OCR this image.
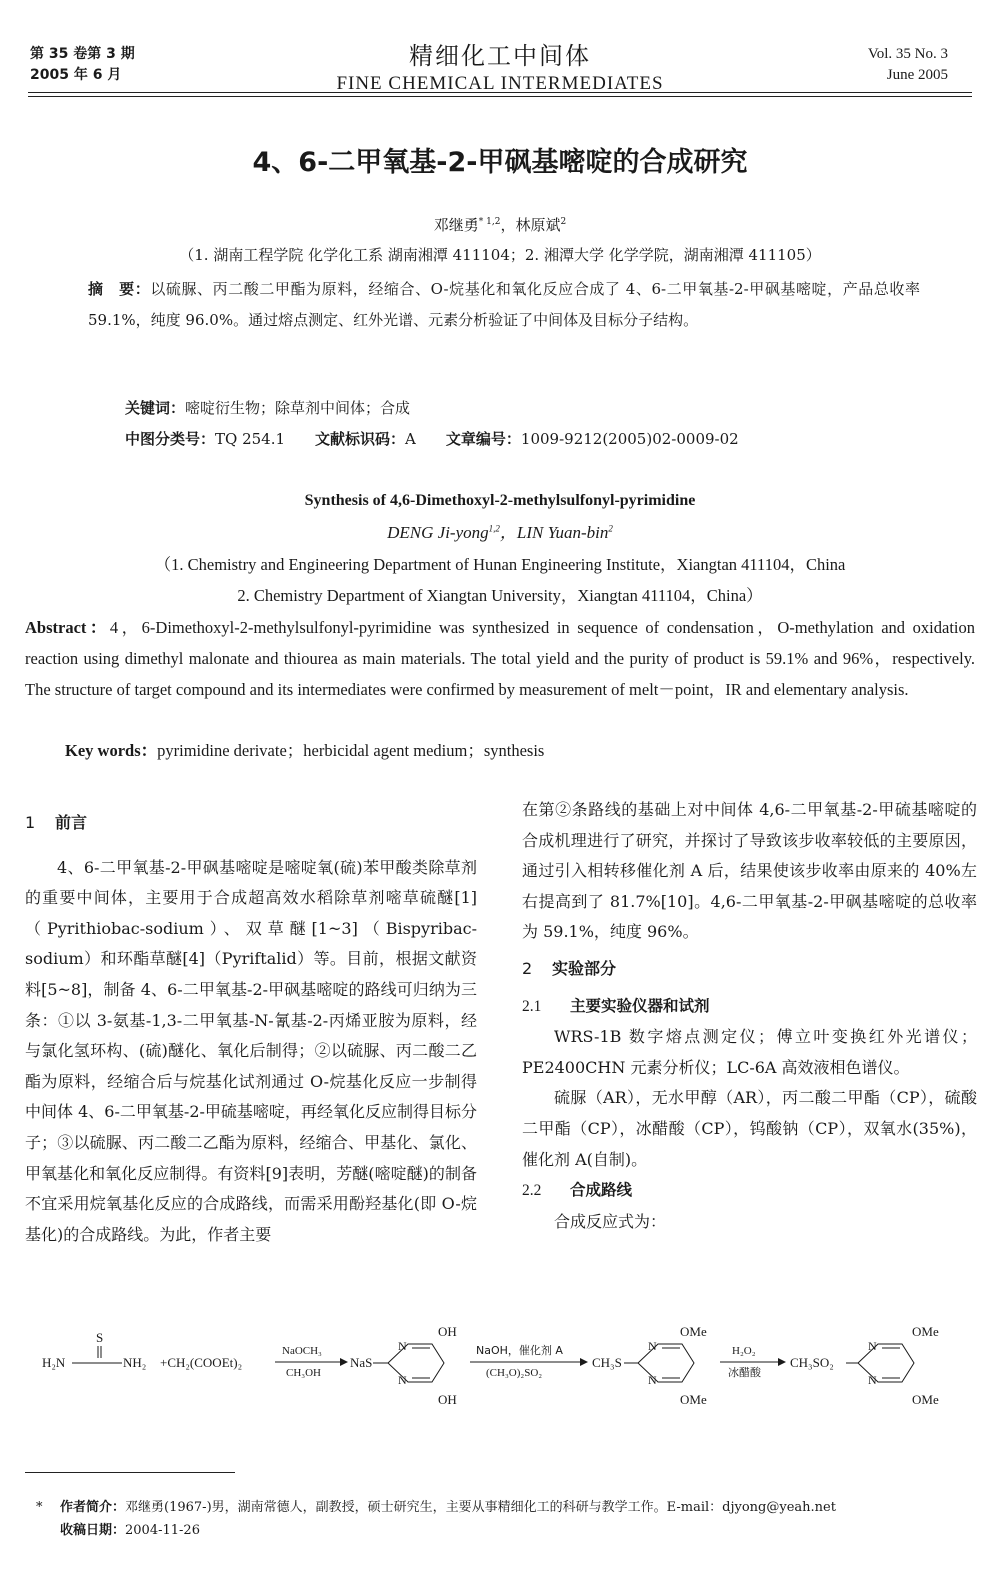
第 35 卷第 3 期
2005 年 6 月
精细化工中间体
FINE CHEMICAL INTERMEDIATES
Vol. 35 No. 3
June 2005
4、6-二甲氧基-2-甲砜基嘧啶的合成研究
邓继勇$^{* 1,2}$，林原斌$^2$
（1. 湖南工程学院 化学化工系 湖南湘潭 411104；2. 湘潭大学 化学学院，湖南湘潭 411105）
摘　要：以硫脲、丙二酸二甲酯为原料，经缩合、O-烷基化和氧化反应合成了 4、6-二甲氧基-2-甲砜基嘧啶，产品总收率 59.1%，纯度 96.0%。通过熔点测定、红外光谱、元素分析验证了中间体及目标分子结构。
关键词：嘧啶衍生物；除草剂中间体；合成
中图分类号：TQ 254.1 文献标识码：A 文章编号：1009-9212(2005)02-0009-02
Synthesis of 4,6-Dimethoxyl-2-methylsulfonyl-pyrimidine
DENG Ji-yong$^{1,2}$，LIN Yuan-bin$^2$
（1. Chemistry and Engineering Department of Hunan Engineering Institute，Xiangtan 411104，China
2. Chemistry Department of Xiangtan University，Xiangtan 411104，China）
Abstract：4，6-Dimethoxyl-2-methylsulfonyl-pyrimidine was synthesized in sequence of condensation，O-methylation and oxidation reaction using dimethyl malonate and thiourea as main materials. The total yield and the purity of product is 59.1% and 96%，respectively. The structure of target compound and its intermediates were confirmed by measurement of melt－point，IR and elementary analysis.
Key words：pyrimidine derivate；herbicidal agent medium；synthesis

1 前言

4、6-二甲氧基-2-甲砜基嘧啶是嘧啶氧(硫)苯甲酸类除草剂的重要中间体，主要用于合成超高效水稻除草剂嘧草硫醚[1]（Pyrithiobac-sodium）、双草醚[1~3]（Bispyribac-sodium）和环酯草醚[4]（Pyriftalid）等。目前，根据文献资料[5~8]，制备 4、6-二甲氧基-2-甲砜基嘧啶的路线可归纳为三条：①以 3-氨基-1,3-二甲氧基-N-氰基-2-丙烯亚胺为原料，经与氯化氢环构、(硫)醚化、氧化后制得；②以硫脲、丙二酸二乙酯为原料，经缩合后与烷基化试剂通过 O-烷基化反应一步制得中间体 4、6-二甲氧基-2-甲硫基嘧啶，再经氧化反应制得目标分子；③以硫脲、丙二酸二乙酯为原料，经缩合、甲基化、氯化、甲氧基化和氧化反应制得。有资料[9]表明，芳醚(嘧啶醚)的制备不宜采用烷氧基化反应的合成路线，而需采用酚羟基化(即 O-烷基化)的合成路线。为此，作者主要

在第②条路线的基础上对中间体 4,6-二甲氧基-2-甲硫基嘧啶的合成机理进行了研究，并探讨了导致该步收率较低的主要原因，通过引入相转移催化剂 A 后，结果使该步收率由原来的 40%左右提高到了 81.7%[10]。4,6-二甲氧基-2-甲砜基嘧啶的总收率为 59.1%，纯度 96%。

2 实验部分

2.1 主要实验仪器和试剂

WRS-1B 数字熔点测定仪；傅立叶变换红外光谱仪；PE2400CHN 元素分析仪；LC-6A 高效液相色谱仪。

硫脲（AR），无水甲醇（AR），丙二酸二甲酯（CP），硫酸二甲酯（CP），冰醋酸（CP），钨酸钠（CP），双氧水(35%)，催化剂 A(自制)。

2.2 合成路线

合成反应式为：

S
H₂N	NH₂ +CH₂(COOEt)₂
NaOCH₃
CH₃OH
NaS
N
N
OH
OH
NaOH，催化剂 A
(CH₃O)₂SO₂
CH₃S
N
N
OMe
OMe
H₂O₂
冰醋酸
CH₃SO₂
N
N
OMe
OMe
* 作者简介：邓继勇(1967-)男，湖南常德人，副教授，硕士研究生，主要从事精细化工的科研与教学工作。E-mail：djyong@yeah.net
收稿日期：2004-11-26
